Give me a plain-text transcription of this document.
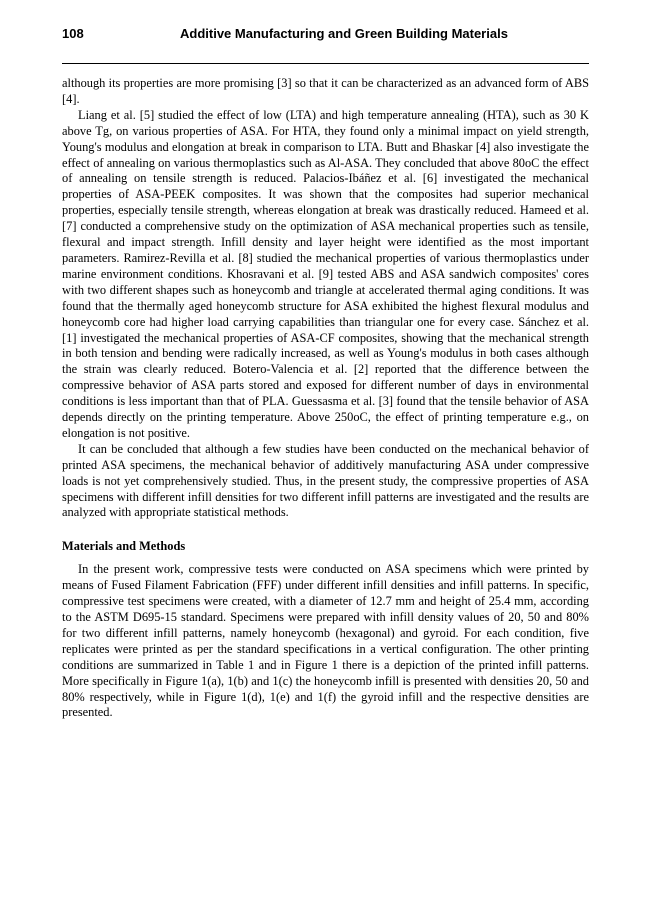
108	Additive Manufacturing and Green Building Materials

although its properties are more promising [3] so that it can be characterized as an advanced form of ABS [4].

Liang et al. [5] studied the effect of low (LTA) and high temperature annealing (HTA), such as 30 K above Tg, on various properties of ASA. For HTA, they found only a minimal impact on yield strength, Young's modulus and elongation at break in comparison to LTA. Butt and Bhaskar [4] also investigate the effect of annealing on various thermoplastics such as Al-ASA. They concluded that above 80oC the effect of annealing on tensile strength is reduced. Palacios-Ibáñez et al. [6] investigated the mechanical properties of ASA-PEEK composites. It was shown that the composites had superior mechanical properties, especially tensile strength, whereas elongation at break was drastically reduced. Hameed et al. [7] conducted a comprehensive study on the optimization of ASA mechanical properties such as tensile, flexural and impact strength. Infill density and layer height were identified as the most important parameters. Ramirez-Revilla et al. [8] studied the mechanical properties of various thermoplastics under marine environment conditions. Khosravani et al. [9] tested ABS and ASA sandwich composites' cores with two different shapes such as honeycomb and triangle at accelerated thermal aging conditions. It was found that the thermally aged honeycomb structure for ASA exhibited the highest flexural modulus and honeycomb core had higher load carrying capabilities than triangular one for every case. Sánchez et al. [1] investigated the mechanical properties of ASA-CF composites, showing that the mechanical strength in both tension and bending were radically increased, as well as Young's modulus in both cases although the strain was clearly reduced. Botero-Valencia et al. [2] reported that the difference between the compressive behavior of ASA parts stored and exposed for different number of days in environmental conditions is less important than that of PLA. Guessasma et al. [3] found that the tensile behavior of ASA depends directly on the printing temperature. Above 250oC, the effect of printing temperature e.g., on elongation is not positive.

It can be concluded that although a few studies have been conducted on the mechanical behavior of printed ASA specimens, the mechanical behavior of additively manufacturing ASA under compressive loads is not yet comprehensively studied. Thus, in the present study, the compressive properties of ASA specimens with different infill densities for two different infill patterns are investigated and the results are analyzed with appropriate statistical methods.

Materials and Methods

In the present work, compressive tests were conducted on ASA specimens which were printed by means of Fused Filament Fabrication (FFF) under different infill densities and infill patterns. In specific, compressive test specimens were created, with a diameter of 12.7 mm and height of 25.4 mm, according to the ASTM D695-15 standard. Specimens were prepared with infill density values of 20, 50 and 80% for two different infill patterns, namely honeycomb (hexagonal) and gyroid. For each condition, five replicates were printed as per the standard specifications in a vertical configuration. The other printing conditions are summarized in Table 1 and in Figure 1 there is a depiction of the printed infill patterns. More specifically in Figure 1(a), 1(b) and 1(c) the honeycomb infill is presented with densities 20, 50 and 80% respectively, while in Figure 1(d), 1(e) and 1(f) the gyroid infill and the respective densities are presented.
